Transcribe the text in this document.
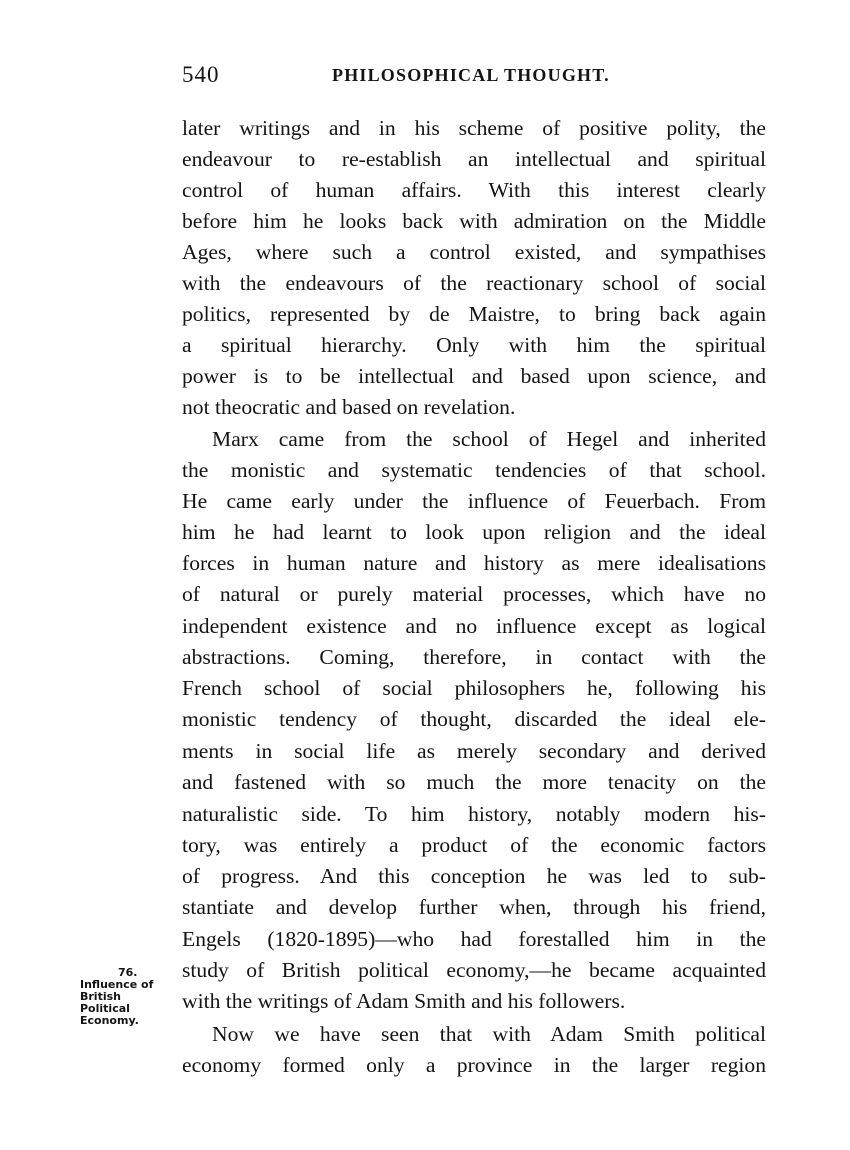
540	PHILOSOPHICAL THOUGHT.
later writings and in his scheme of positive polity, the
endeavour to re-establish an intellectual and spiritual
control of human affairs. With this interest clearly
before him he looks back with admiration on the Middle
Ages, where such a control existed, and sympathises
with the endeavours of the reactionary school of social
politics, represented by de Maistre, to bring back again
a spiritual hierarchy. Only with him the spiritual
power is to be intellectual and based upon science, and
not theocratic and based on revelation.
Marx came from the school of Hegel and inherited
the monistic and systematic tendencies of that school.
He came early under the influence of Feuerbach. From
him he had learnt to look upon religion and the ideal
forces in human nature and history as mere idealisations
of natural or purely material processes, which have no
independent existence and no influence except as logical
abstractions. Coming, therefore, in contact with the
French school of social philosophers he, following his
monistic tendency of thought, discarded the ideal ele-
ments in social life as merely secondary and derived
and fastened with so much the more tenacity on the
naturalistic side. To him history, notably modern his-
tory, was entirely a product of the economic factors
of progress. And this conception he was led to sub-
stantiate and develop further when, through his friend,
Engels (1820-1895)—who had forestalled him in the
study of British political economy,—he became acquainted
with the writings of Adam Smith and his followers.
Now we have seen that with Adam Smith political
economy formed only a province in the larger region
76.
Influence of
British
Political
Economy.
